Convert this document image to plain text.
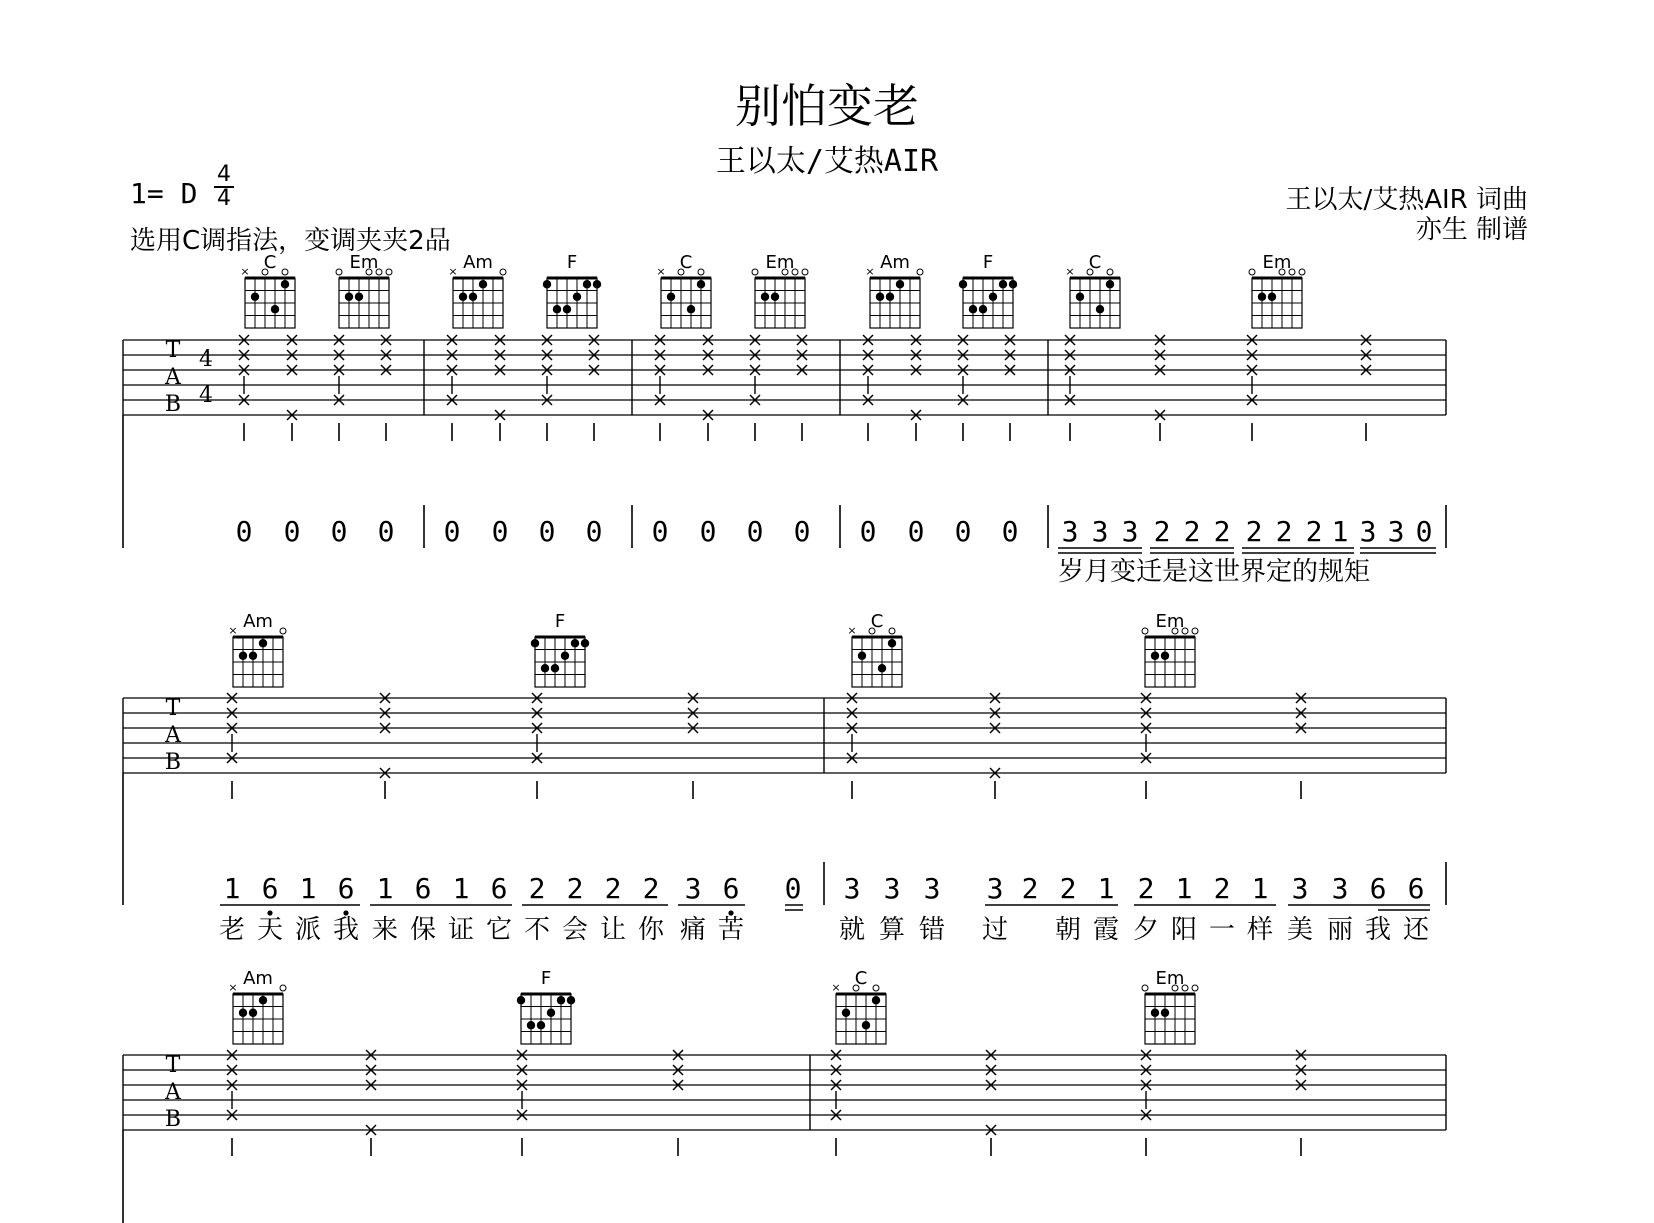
别怕变老
王以太/艾热AIR
1= D
4
4
选用C调指法，变调夹夹2品
王以太/艾热AIR 词曲
亦生 制谱
C
×	Em	Am
×	F	C
×	Em	Am
×	F	C
×	Em
T
A
B
4
4
0 0 0 0 0 0 0 0 0 0 0 0 0 0 0 0 3 3 3 2 2 2 2 2 2 1 3 3 0
岁月变迁是这世界定的规矩
Am
×	F	C
×	Em
T
A
B
1 6 1 6 1 6 1 6 2 2 2 2 3 6 0
老 天 派 我 来 保 证 它 不 会 让 你 痛 苦
3 3 3 3 2 2 1 2 1 2 1 3 3 6 6
就 算 错 过 朝 霞 夕 阳 一 样 美 丽 我 还
Am
×	F	C
×	Em
T
A
B
